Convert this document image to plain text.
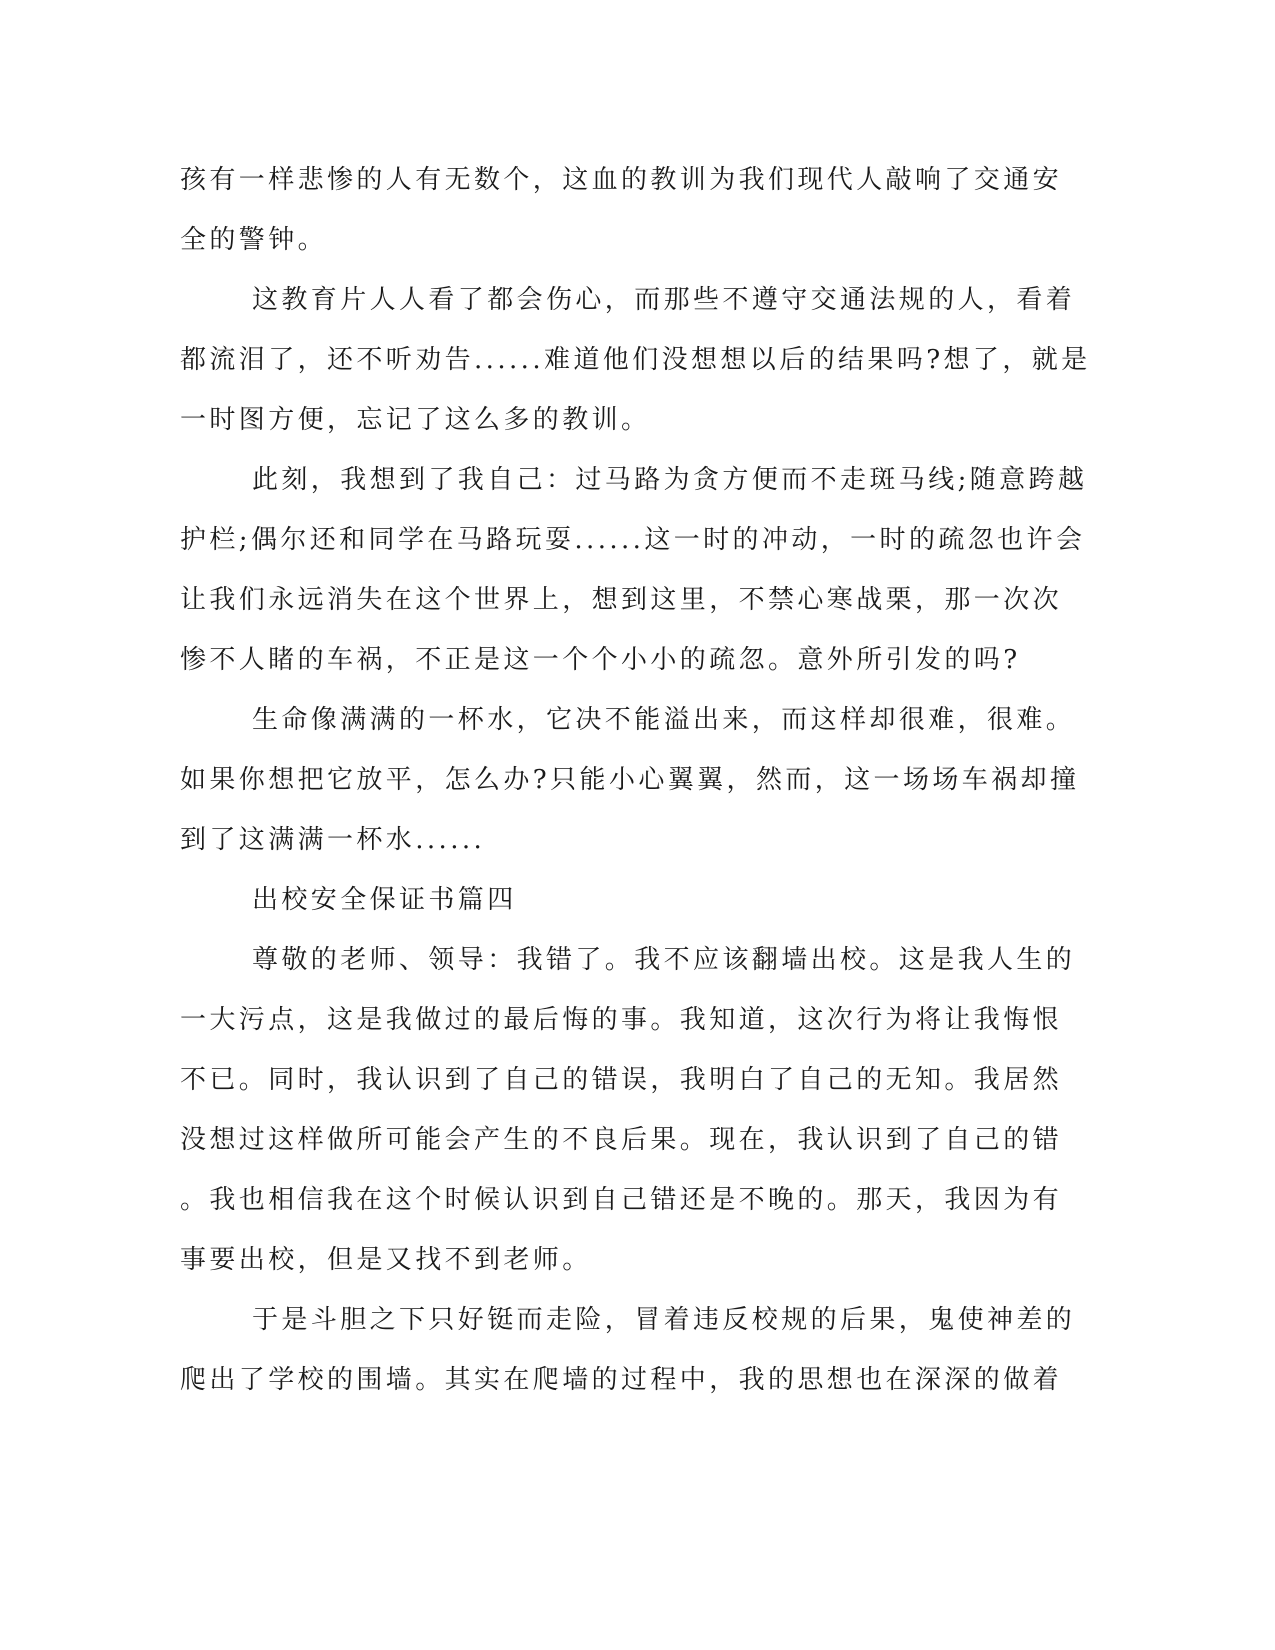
孩有一样悲惨的人有无数个，这血的教训为我们现代人敲响了交通安
全的警钟。
这教育片人人看了都会伤心，而那些不遵守交通法规的人，看着
都流泪了，还不听劝告......难道他们没想想以后的结果吗?想了，就是
一时图方便，忘记了这么多的教训。
此刻，我想到了我自己：过马路为贪方便而不走斑马线;随意跨越
护栏;偶尔还和同学在马路玩耍......这一时的冲动，一时的疏忽也许会
让我们永远消失在这个世界上，想到这里，不禁心寒战栗，那一次次
惨不人睹的车祸，不正是这一个个小小的疏忽。意外所引发的吗?
生命像满满的一杯水，它决不能溢出来，而这样却很难，很难。
如果你想把它放平，怎么办?只能小心翼翼，然而，这一场场车祸却撞
到了这满满一杯水......
出校安全保证书篇四
尊敬的老师、领导：我错了。我不应该翻墙出校。这是我人生的
一大污点，这是我做过的最后悔的事。我知道，这次行为将让我悔恨
不已。同时，我认识到了自己的错误，我明白了自己的无知。我居然
没想过这样做所可能会产生的不良后果。现在，我认识到了自己的错
。我也相信我在这个时候认识到自己错还是不晚的。那天，我因为有
事要出校，但是又找不到老师。
于是斗胆之下只好铤而走险，冒着违反校规的后果，鬼使神差的
爬出了学校的围墙。其实在爬墙的过程中，我的思想也在深深的做着
